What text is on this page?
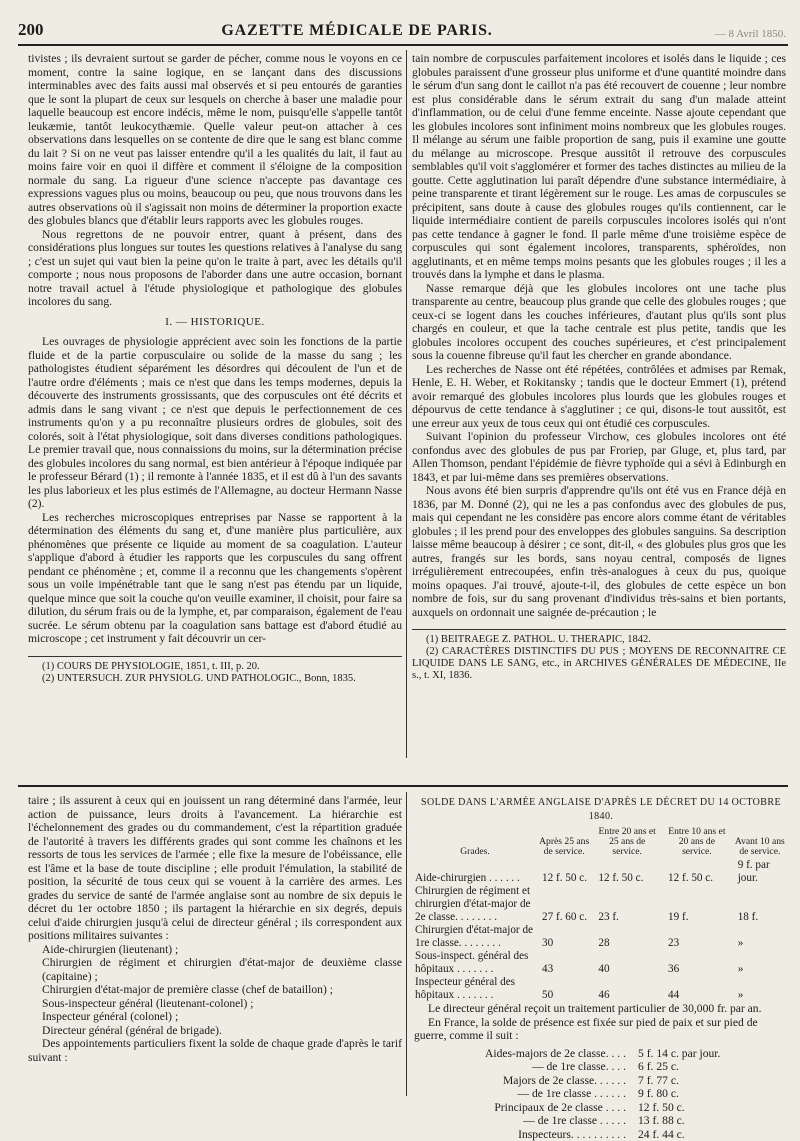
200	GAZETTE MÉDICALE DE PARIS.	— 8 Avril 1850.

tivistes ; ils devraient surtout se garder de pécher, comme nous le voyons en ce moment, contre la saine logique, en se lançant dans des discussions interminables avec des faits aussi mal observés et si peu entourés de garanties que le sont la plupart de ceux sur lesquels on cherche à baser une maladie pour laquelle beaucoup est encore indécis, même le nom, puisqu'elle s'appelle tantôt leukæmie, tantôt leukocythæmie. Quelle valeur peut-on attacher à ces observations dans lesquelles on se contente de dire que le sang est blanc comme du lait ? Si on ne veut pas laisser entendre qu'il a les qualités du lait, il faut au moins faire voir en quoi il diffère et comment il s'éloigne de la composition normale du sang. La rigueur d'une science n'accepte pas davantage ces expressions vagues plus ou moins, beaucoup ou peu, que nous trouvons dans les autres observations où il s'agissait non moins de déterminer la proportion exacte des globules blancs que d'établir leurs rapports avec les globules rouges.

Nous regrettons de ne pouvoir entrer, quant à présent, dans des considérations plus longues sur toutes les questions relatives à l'analyse du sang ; c'est un sujet qui vaut bien la peine qu'on le traite à part, avec les détails qu'il comporte ; nous nous proposons de l'aborder dans une autre occasion, bornant notre travail actuel à l'étude physiologique et pathologique des globules incolores du sang.

I. — HISTORIQUE.

Les ouvrages de physiologie apprécient avec soin les fonctions de la partie fluide et de la partie corpusculaire ou solide de la masse du sang ; les pathologistes étudient séparément les désordres qui découlent de l'un et de l'autre ordre d'éléments ; mais ce n'est que dans les temps modernes, depuis la découverte des instruments grossissants, que des corpuscules ont été décrits et admis dans le sang vivant ; ce n'est que depuis le perfectionnement de ces instruments qu'on y a pu reconnaître plusieurs ordres de globules, soit des colorés, soit à l'état physiologique, soit dans diverses conditions pathologiques. Le premier travail que, nous connaissions du moins, sur la détermination précise des globules incolores du sang normal, est bien antérieur à l'époque indiquée par le professeur Bérard (1) ; il remonte à l'année 1835, et il est dû à l'un des savants les plus laborieux et les plus estimés de l'Allemagne, au docteur Hermann Nasse (2).

Les recherches microscopiques entreprises par Nasse se rapportent à la détermination des éléments du sang et, d'une manière plus particulière, aux phénomènes que présente ce liquide au moment de sa coagulation. L'auteur s'applique d'abord à étudier les rapports que les corpuscules du sang offrent pendant ce phénomène ; et, comme il a reconnu que les changements s'opèrent sous un voile impénétrable tant que le sang n'est pas étendu par un liquide, quelque mince que soit la couche qu'on veuille examiner, il choisit, pour faire sa dilution, du sérum frais ou de la lymphe, et, par comparaison, également de l'eau sucrée. Le sérum obtenu par la coagulation sans battage est d'abord étudié au microscope ; cet instrument y fait découvrir un cer-

(1) COURS DE PHYSIOLOGIE, 1851, t. III, p. 20.
(2) UNTERSUCH. ZUR PHYSIOLG. UND PATHOLOGIC., Bonn, 1835.

tain nombre de corpuscules parfaitement incolores et isolés dans le liquide ; ces globules paraissent d'une grosseur plus uniforme et d'une quantité moindre dans le sérum d'un sang dont le caillot n'a pas été recouvert de couenne ; leur nombre est plus considérable dans le sérum extrait du sang d'un malade atteint d'inflammation, ou de celui d'une femme enceinte. Nasse ajoute cependant que les globules incolores sont infiniment moins nombreux que les globules rouges. Il mélange au sérum une faible proportion de sang, puis il examine une goutte du mélange au microscope. Presque aussitôt il retrouve des corpuscules semblables qu'il voit s'agglomérer et former des taches distinctes au milieu de la goutte. Cette agglutination lui paraît dépendre d'une substance intermédiaire, à peine transparente et tirant légèrement sur le rouge. Les amas de corpuscules se précipitent, sans doute à cause des globules rouges qu'ils contiennent, car le liquide intermédiaire contient de pareils corpuscules incolores isolés qui n'ont pas cette tendance à gagner le fond. Il parle même d'une troisième espèce de corpuscules qui sont également incolores, transparents, sphéroïdes, non agglutinants, et en même temps moins pesants que les globules rouges ; il les a trouvés dans la lymphe et dans le plasma.

Nasse remarque déjà que les globules incolores ont une tache plus transparente au centre, beaucoup plus grande que celle des globules rouges ; que ceux-ci se logent dans les couches inférieures, d'autant plus qu'ils sont plus chargés en couleur, et que la tache centrale est plus petite, tandis que les globules incolores occupent des couches supérieures, et c'est principalement sous la couenne fibreuse qu'il faut les chercher en grande abondance.

Les recherches de Nasse ont été répétées, contrôlées et admises par Remak, Henle, E. H. Weber, et Rokitansky ; tandis que le docteur Emmert (1), prétend avoir remarqué des globules incolores plus lourds que les globules rouges et dépourvus de cette tendance à s'agglutiner ; ce qui, disons-le tout aussitôt, est une erreur aux yeux de tous ceux qui ont étudié ces corpuscules.

Suivant l'opinion du professeur Virchow, ces globules incolores ont été confondus avec des globules de pus par Froriep, par Gluge, et, plus tard, par Allen Thomson, pendant l'épidémie de fièvre typhoïde qui a sévi à Edinburgh en 1843, et par lui-même dans ses premières observations.

Nous avons été bien surpris d'apprendre qu'ils ont été vus en France déjà en 1836, par M. Donné (2), qui ne les a pas confondus avec des globules de pus, mais qui cependant ne les considère pas encore alors comme étant de véritables globules ; il les prend pour des enveloppes des globules sanguins. Sa description laisse même beaucoup à désirer ; ce sont, dit-il, « des globules plus gros que les autres, frangés sur les bords, sans noyau central, composés de lignes irrégulièrement entrecoupées, enfin très-analogues à ceux du pus, quoique moins opaques. J'ai trouvé, ajoute-t-il, des globules de cette espèce un bon nombre de fois, sur du sang provenant d'individus très-sains et bien portants, auxquels on ordonnait une saignée de-précaution ; le

(1) BEITRAEGE Z. PATHOL. U. THERAPIC, 1842.
(2) CARACTÈRES DISTINCTIFS DU PUS ; MOYENS DE RECONNAITRE CE LIQUIDE DANS LE SANG, etc., in ARCHIVES GÉNÉRALES DE MÉDECINE, IIe s., t. XI, 1836.

taire ; ils assurent à ceux qui en jouissent un rang déterminé dans l'armée, leur action de puissance, leurs droits à l'avancement. La hiérarchie est l'échelonnement des grades ou du commandement, c'est la répartition graduée de l'autorité à travers les différents grades qui sont comme les chaînons et les ressorts de tous les services de l'armée ; elle fixe la mesure de l'obéissance, elle est l'âme et la base de toute discipline ; elle produit l'émulation, la stabilité de position, la sécurité de tous ceux qui se vouent à la carrière des armes. Les grades du service de santé de l'armée anglaise sont au nombre de six depuis le décret du 1er octobre 1850 ; ils partagent la hiérarchie en six degrés, depuis celui d'aide chirurgien jusqu'à celui de directeur général ; ils correspondent aux positions militaires suivantes :

Aide-chirurgien (lieutenant) ;
Chirurgien de régiment et chirurgien d'état-major de deuxième classe (capitaine) ;
Chirurgien d'état-major de première classe (chef de bataillon) ;
Sous-inspecteur général (lieutenant-colonel) ;
Inspecteur général (colonel) ;
Directeur général (général de brigade).

Des appointements particuliers fixent la solde de chaque grade d'après le tarif suivant :

SOLDE DANS L'ARMÉE ANGLAISE D'APRÈS LE DÉCRET DU 14 OCTOBRE 1840.
Grades.	Après 25 ans de service.	Entre 20 ans et 25 ans de service.	Entre 10 ans et 20 ans de service.	Avant 10 ans de service.
Aide-chirurgien . . . . . .	12 f. 50 c.	12 f. 50 c.	12 f. 50 c.	9 f. par jour.
Chirurgien de régiment et chirurgien d'état-major de 2e classe. . . . . . . .	27 f. 60 c.	23 f.	19 f.	18 f.
Chirurgien d'état-major de 1re classe. . . . . . . .	30	28	23	»
Sous-inspect. général des hôpitaux . . . . . . .	43	40	36	»
Inspecteur général des hôpitaux . . . . . . .	50	46	44	»

Le directeur général reçoit un traitement particulier de 30,000 fr. par an.

En France, la solde de présence est fixée sur pied de paix et sur pied de guerre, comme il suit :

Aides-majors de 2e classe. . . .	5 f. 14 c. par jour.
— de 1re classe. . . .	6 f. 25 c.
Majors de 2e classe. . . . . .	7 f. 77 c.
— de 1re classe . . . . . .	9 f. 80 c.
Principaux de 2e classe . . . .	12 f. 50 c.
— de 1re classe . . . . .	13 f. 88 c.
Inspecteurs. . . . . . . . . .	24 f. 44 c.
